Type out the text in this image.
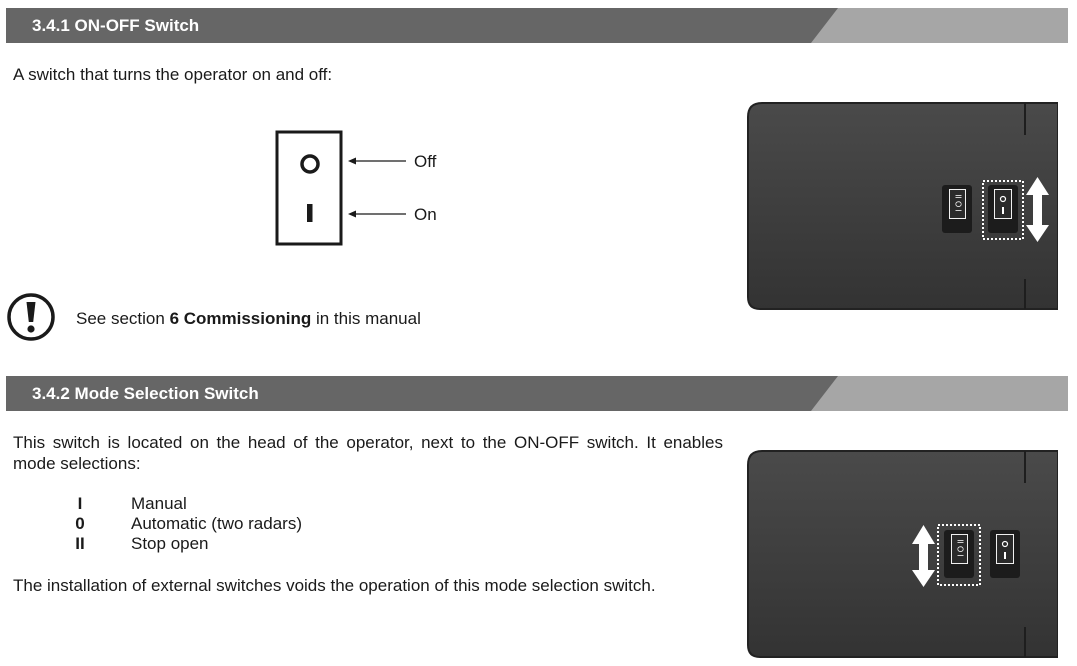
3.4.1 ON-OFF Switch
A switch that turns the operator on and off:
Off
On
See section 6 Commissioning in this manual
II O I
3.4.2 Mode Selection Switch
This switch is located on the head of the operator, next to the ON-OFF switch. It enables mode selections:
I	Manual
0	Automatic (two radars)
II	Stop open
The installation of external switches voids the operation of this mode selection switch.
II O I
